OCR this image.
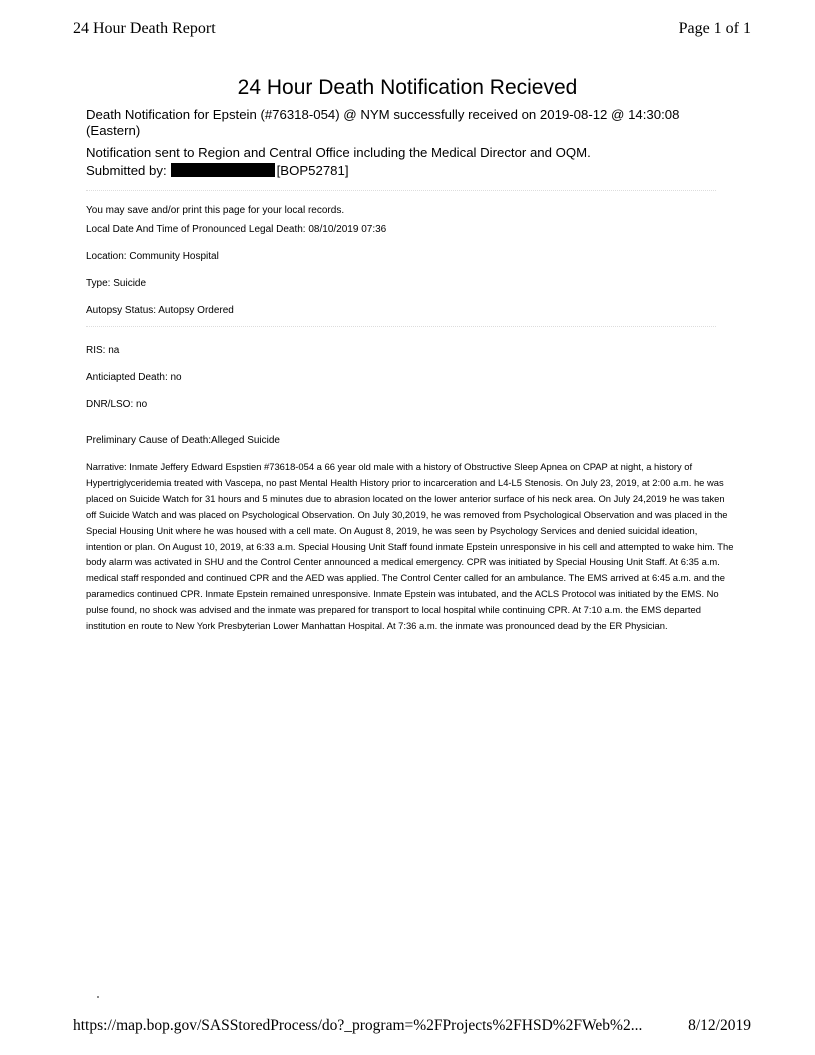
24 Hour Death Report	Page 1 of 1
24 Hour Death Notification Recieved

Death Notification for Epstein (#76318-054) @ NYM successfully received on 2019-08-12 @ 14:30:08 (Eastern)

Notification sent to Region and Central Office including the Medical Director and OQM.

Submitted by:	[BOP52781]

You may save and/or print this page for your local records.

Local Date And Time of Pronounced Legal Death: 08/10/2019 07:36

Location: Community Hospital

Type: Suicide

Autopsy Status: Autopsy Ordered

RIS: na

Anticiapted Death: no

DNR/LSO: no

Preliminary Cause of Death:Alleged Suicide

Narrative: Inmate Jeffery Edward Espstien #73618-054 a 66 year old male with a history of Obstructive Sleep Apnea on CPAP at night, a history of Hypertriglyceridemia treated with Vascepa, no past Mental Health History prior to incarceration and L4-L5 Stenosis. On July 23, 2019, at 2:00 a.m. he was placed on Suicide Watch for 31 hours and 5 minutes due to abrasion located on the lower anterior surface of his neck area. On July 24,2019 he was taken off Suicide Watch and was placed on Psychological Observation. On July 30,2019, he was removed from Psychological Observation and was placed in the Special Housing Unit where he was housed with a cell mate. On August 8, 2019, he was seen by Psychology Services and denied suicidal ideation, intention or plan. On August 10, 2019, at 6:33 a.m. Special Housing Unit Staff found inmate Epstein unresponsive in his cell and attempted to wake him. The body alarm was activated in SHU and the Control Center announced a medical emergency. CPR was initiated by Special Housing Unit Staff. At 6:35 a.m. medical staff responded and continued CPR and the AED was applied. The Control Center called for an ambulance. The EMS arrived at 6:45 a.m. and the paramedics continued CPR. Inmate Epstein remained unresponsive. Inmate Epstein was intubated, and the ACLS Protocol was initiated by the EMS. No pulse found, no shock was advised and the inmate was prepared for transport to local hospital while continuing CPR. At 7:10 a.m. the EMS departed institution en route to New York Presbyterian Lower Manhattan Hospital. At 7:36 a.m. the inmate was pronounced dead by the ER Physician.

https://map.bop.gov/SASStoredProcess/do?_program=%2FProjects%2FHSD%2FWeb%2...	8/12/2019
